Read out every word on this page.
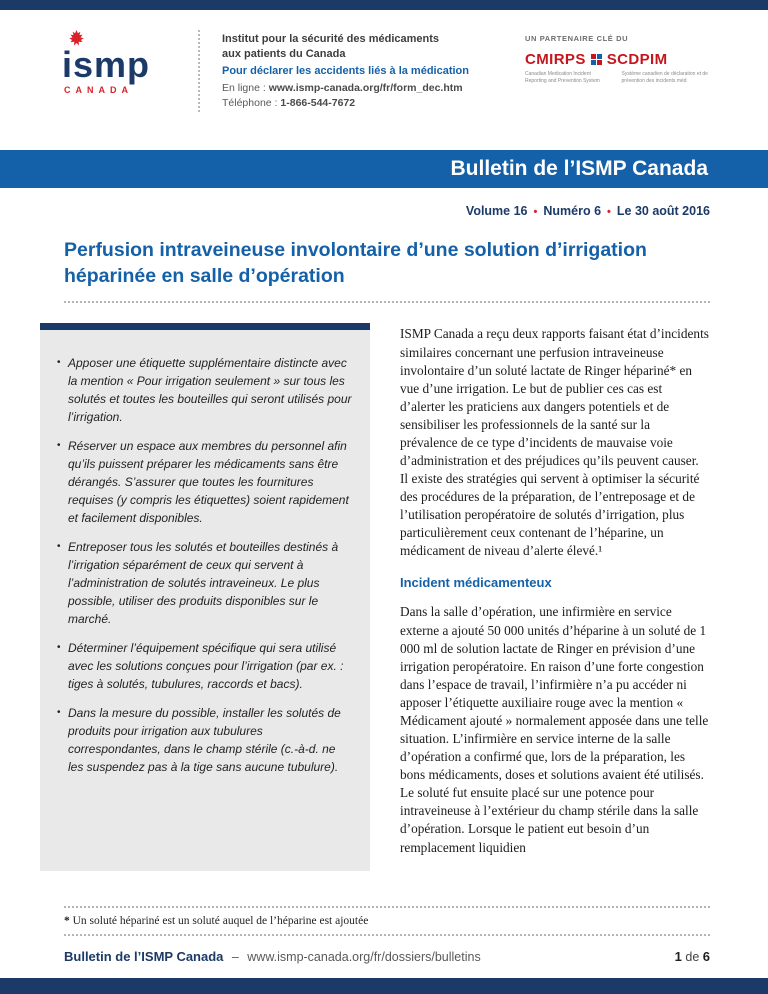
ismp
CANADA
Institut pour la sécurité des médicaments
aux patients du Canada
Pour déclarer les accidents liés à la médication
En ligne : www.ismp-canada.org/fr/form_dec.htm
Téléphone : 1-866-544-7672
UN PARTENAIRE CLÉ DU
CMIRPS SCDPIM
Canadian Medication Incident Reporting and Prevention System
Système canadien de déclaration et de prévention des incidents méd
Bulletin de l’ISMP Canada
Volume 16 • Numéro 6 • Le 30 août 2016
Perfusion intraveineuse involontaire d’une solution d’irrigation héparinée en salle d’opération
• Apposer une étiquette supplémentaire distincte avec la mention « Pour irrigation seulement » sur tous les solutés et toutes les bouteilles qui seront utilisés pour l’irrigation.
• Réserver un espace aux membres du personnel afin qu’ils puissent préparer les médicaments sans être dérangés. S’assurer que toutes les fournitures requises (y compris les étiquettes) soient rapidement et facilement disponibles.
• Entreposer tous les solutés et bouteilles destinés à l’irrigation séparément de ceux qui servent à l’administration de solutés intraveineux. Le plus possible, utiliser des produits disponibles sur le marché.
• Déterminer l’équipement spécifique qui sera utilisé avec les solutions conçues pour l’irrigation (par ex. : tiges à solutés, tubulures, raccords et bacs).
• Dans la mesure du possible, installer les solutés de produits pour irrigation aux tubulures correspondantes, dans le champ stérile (c.-à-d. ne les suspendez pas à la tige sans aucune tubulure).

ISMP Canada a reçu deux rapports faisant état d’incidents similaires concernant une perfusion intraveineuse involontaire d’un soluté lactate de Ringer hépariné* en vue d’une irrigation. Le but de publier ces cas est d’alerter les praticiens aux dangers potentiels et de sensibiliser les professionnels de la santé sur la prévalence de ce type d’incidents de mauvaise voie d’administration et des préjudices qu’ils peuvent causer. Il existe des stratégies qui servent à optimiser la sécurité des procédures de la préparation, de l’entreposage et de l’utilisation peropératoire de solutés d’irrigation, plus particulièrement ceux contenant de l’héparine, un médicament de niveau d’alerte élevé.¹

Incident médicamenteux

Dans la salle d’opération, une infirmière en service externe a ajouté 50 000 unités d’héparine à un soluté de 1 000 ml de solution lactate de Ringer en prévision d’une irrigation peropératoire. En raison d’une forte congestion dans l’espace de travail, l’infirmière n’a pu accéder ni apposer l’étiquette auxiliaire rouge avec la mention « Médicament ajouté » normalement apposée dans une telle situation. L’infirmière en service interne de la salle d’opération a confirmé que, lors de la préparation, les bons médicaments, doses et solutions avaient été utilisés. Le soluté fut ensuite placé sur une potence pour intraveineuse à l’extérieur du champ stérile dans la salle d’opération. Lorsque le patient eut besoin d’un remplacement liquidien

* Un soluté hépariné est un soluté auquel de l’héparine est ajoutée
Bulletin de l’ISMP Canada – www.ismp-canada.org/fr/dossiers/bulletins	1 de 6
